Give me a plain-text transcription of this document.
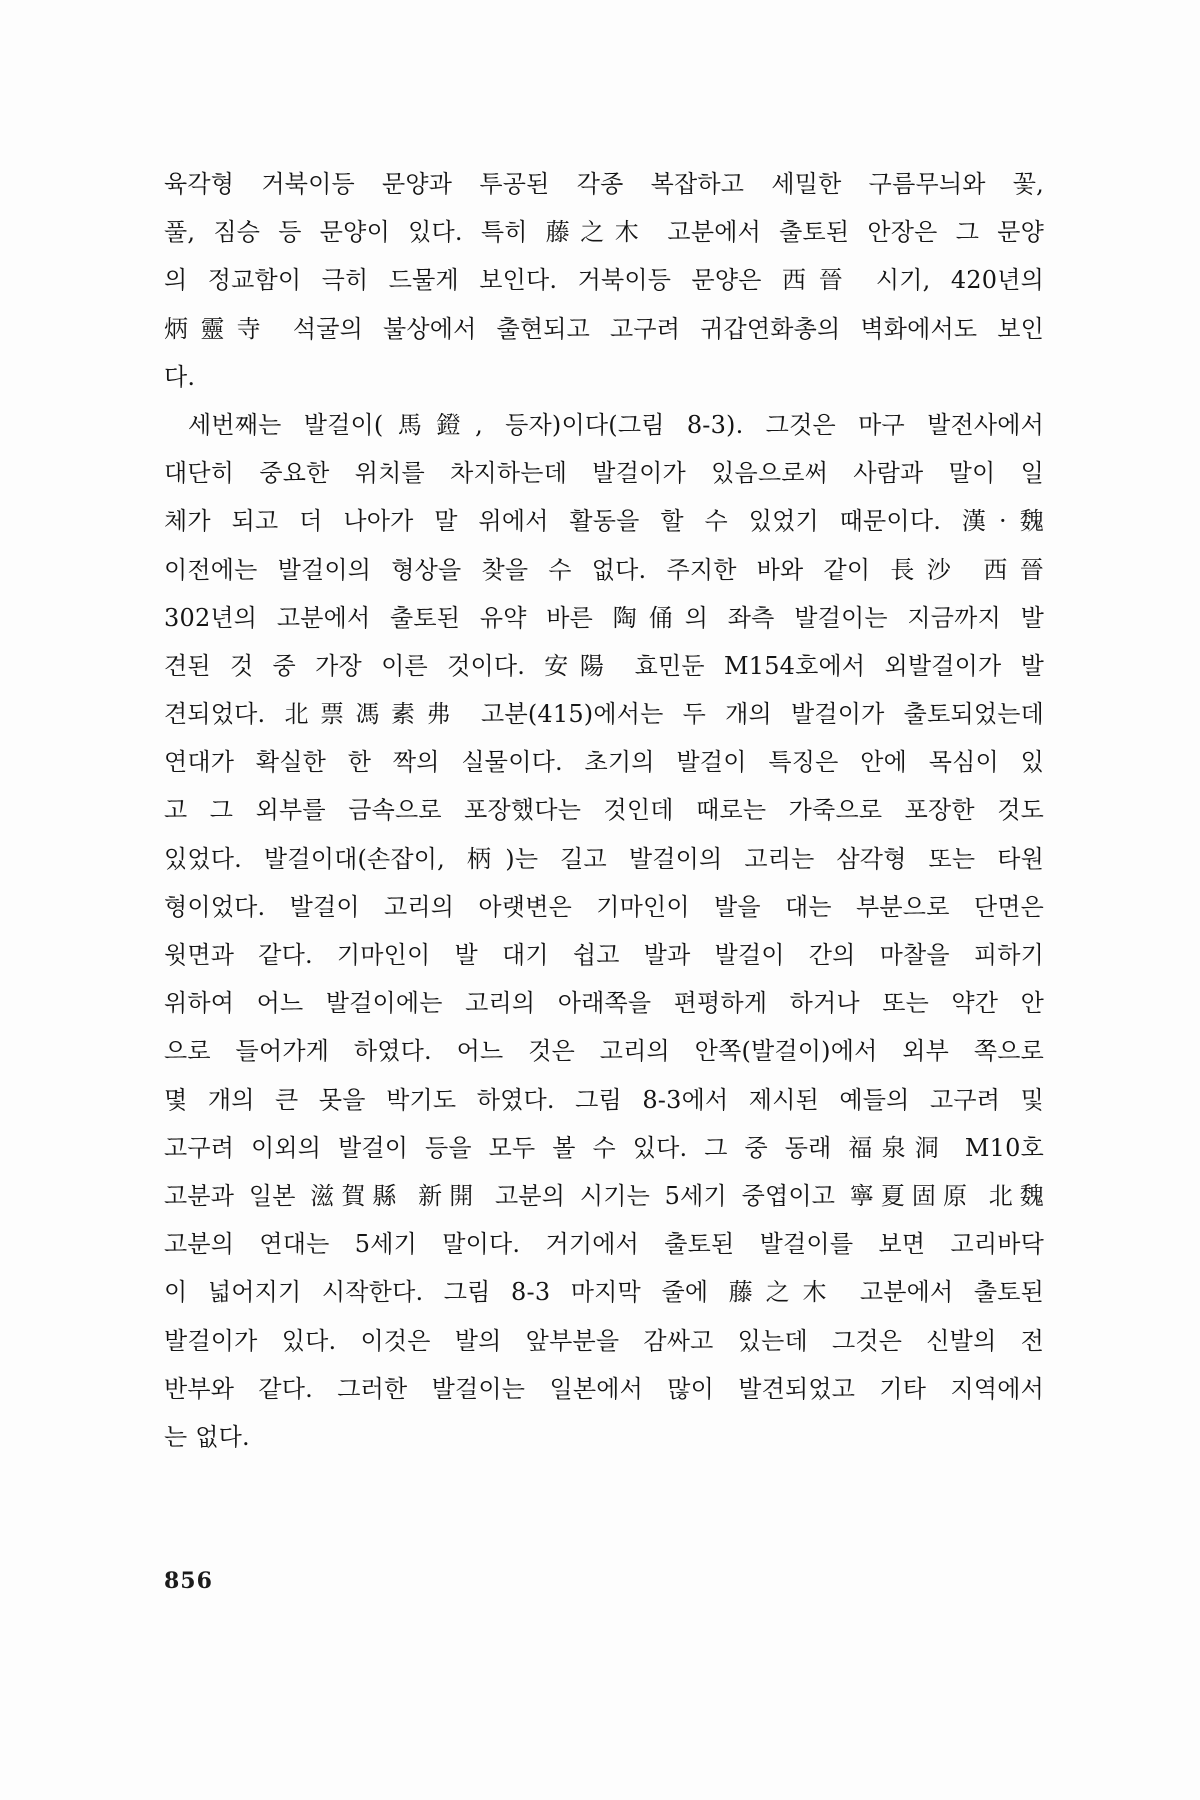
육각형 거북이등 문양과 투공된 각종 복잡하고 세밀한 구름무늬와 꽃,
풀, 짐승 등 문양이 있다. 특히 藤之木 고분에서 출토된 안장은 그 문양
의 정교함이 극히 드물게 보인다. 거북이등 문양은 西晉 시기, 420년의
炳靈寺 석굴의 불상에서 출현되고 고구려 귀갑연화총의 벽화에서도 보인
다.
세번째는 발걸이(馬鐙, 등자)이다(그림 8-3). 그것은 마구 발전사에서
대단히 중요한 위치를 차지하는데 발걸이가 있음으로써 사람과 말이 일
체가 되고 더 나아가 말 위에서 활동을 할 수 있었기 때문이다. 漢·魏
이전에는 발걸이의 형상을 찾을 수 없다. 주지한 바와 같이 長沙 西晉
302년의 고분에서 출토된 유약 바른 陶俑의 좌측 발걸이는 지금까지 발
견된 것 중 가장 이른 것이다. 安陽 효민둔 M154호에서 외발걸이가 발
견되었다. 北票馮素弗 고분(415)에서는 두 개의 발걸이가 출토되었는데
연대가 확실한 한 짝의 실물이다. 초기의 발걸이 특징은 안에 목심이 있
고 그 외부를 금속으로 포장했다는 것인데 때로는 가죽으로 포장한 것도
있었다. 발걸이대(손잡이, 柄)는 길고 발걸이의 고리는 삼각형 또는 타원
형이었다. 발걸이 고리의 아랫변은 기마인이 발을 대는 부분으로 단면은
윗면과 같다. 기마인이 발 대기 쉽고 발과 발걸이 간의 마찰을 피하기
위하여 어느 발걸이에는 고리의 아래쪽을 편평하게 하거나 또는 약간 안
으로 들어가게 하였다. 어느 것은 고리의 안쪽(발걸이)에서 외부 쪽으로
몇 개의 큰 못을 박기도 하였다. 그림 8-3에서 제시된 예들의 고구려 및
고구려 이외의 발걸이 등을 모두 볼 수 있다. 그 중 동래 福泉洞 M10호
고분과 일본 滋賀縣 新開 고분의 시기는 5세기 중엽이고 寧夏固原 北魏
고분의 연대는 5세기 말이다. 거기에서 출토된 발걸이를 보면 고리바닥
이 넓어지기 시작한다. 그림 8-3 마지막 줄에 藤之木 고분에서 출토된
발걸이가 있다. 이것은 발의 앞부분을 감싸고 있는데 그것은 신발의 전
반부와 같다. 그러한 발걸이는 일본에서 많이 발견되었고 기타 지역에서
는 없다.
856
